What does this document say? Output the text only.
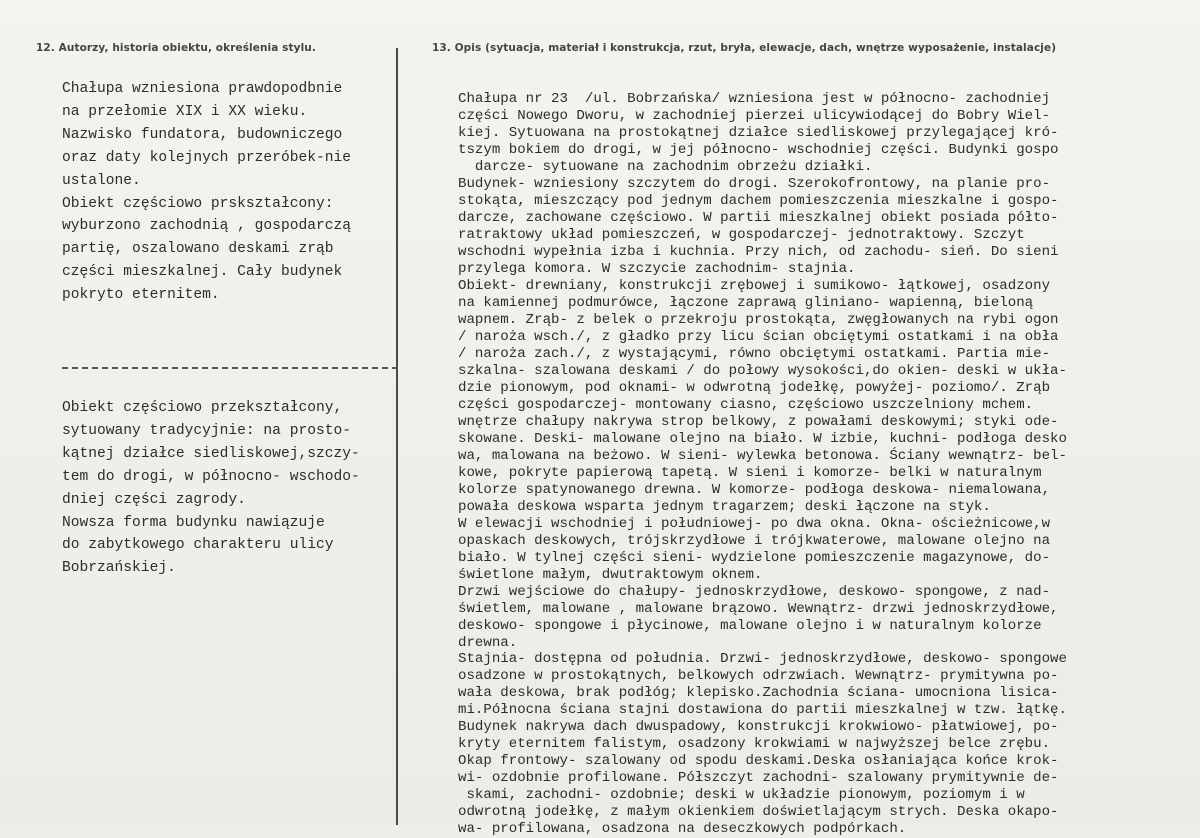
12. Autorzy, historia obiektu, określenia stylu.	13. Opis (sytuacja, materiał i konstrukcja, rzut, bryła, elewacje, dach, wnętrze wyposażenie, instalacje)
Chałupa wzniesiona prawdopodbnie
na przełomie XIX i XX wieku.
Nazwisko fundatora, budowniczego
oraz daty kolejnych przeróbek-nie
ustalone.
Obiekt częściowo prskształcony:
wyburzono zachodnią , gospodarczą
partię, oszalowano deskami zrąb
części mieszkalnej. Cały budynek
pokryto eternitem.
Obiekt częściowo przekształcony,
sytuowany tradycyjnie: na prosto-
kątnej działce siedliskowej,szczy-
tem do drogi, w północno- wschodo-
dniej części zagrody.
Nowsza forma budynku nawiązuje
do zabytkowego charakteru ulicy
Bobrzańskiej.
Chałupa nr 23  /ul. Bobrzańska/ wzniesiona jest w północno- zachodniej
części Nowego Dworu, w zachodniej pierzei ulicywiodącej do Bobry Wiel-
kiej. Sytuowana na prostokątnej działce siedliskowej przylegającej kró-
tszym bokiem do drogi, w jej północno- wschodniej części. Budynki gospo
darcze- sytuowane na zachodnim obrzeżu działki.
Budynek- wzniesiony szczytem do drogi. Szerokofrontowy, na planie pro-
stokąta, mieszczący pod jednym dachem pomieszczenia mieszkalne i gospo-
darcze, zachowane częściowo. W partii mieszkalnej obiekt posiada półto-
ratraktowy układ pomieszczeń, w gospodarczej- jednotraktowy. Szczyt
wschodni wypełnia izba i kuchnia. Przy nich, od zachodu- sień. Do sieni
przylega komora. W szczycie zachodnim- stajnia.
Obiekt- drewniany, konstrukcji zrębowej i sumikowo- łątkowej, osadzony
na kamiennej podmurówce, łączone zaprawą gliniano- wapienną, bieloną
wapnem. Zrąb- z belek o przekroju prostokąta, zwęgłowanych na rybi ogon
/ naroża wsch./, z gładko przy licu ścian obciętymi ostatkami i na obła
/ naroża zach./, z wystającymi, równo obciętymi ostatkami. Partia mie-
szkalna- szalowana deskami / do połowy wysokości,do okien- deski w ukła-
dzie pionowym, pod oknami- w odwrotną jodełkę, powyżej- poziomo/. Zrąb
części gospodarczej- montowany ciasno, częściowo uszczelniony mchem.
wnętrze chałupy nakrywa strop belkowy, z powałami deskowymi; styki ode-
skowane. Deski- malowane olejno na biało. W izbie, kuchni- podłoga desko
wa, malowana na beżowo. W sieni- wylewka betonowa. Ściany wewnątrz- bel-
kowe, pokryte papierową tapetą. W sieni i komorze- belki w naturalnym
kolorze spatynowanego drewna. W komorze- podłoga deskowa- niemalowana,
powała deskowa wsparta jednym tragarzem; deski łączone na styk.
W elewacji wschodniej i południowej- po dwa okna. Okna- ościeżnicowe,w
opaskach deskowych, trójskrzydłowe i trójkwaterowe, malowane olejno na
biało. W tylnej części sieni- wydzielone pomieszczenie magazynowe, do-
świetlone małym, dwutraktowym oknem.
Drzwi wejściowe do chałupy- jednoskrzydłowe, deskowo- spongowe, z nad-
świetlem, malowane , malowane brązowo. Wewnątrz- drzwi jednoskrzydłowe,
deskowo- spongowe i płycinowe, malowane olejno i w naturalnym kolorze
drewna.
Stajnia- dostępna od południa. Drzwi- jednoskrzydłowe, deskowo- spongowe
osadzone w prostokątnych, belkowych odrzwiach. Wewnątrz- prymitywna po-
wała deskowa, brak podłóg; klepisko.Zachodnia ściana- umocniona lisica-
mi.Północna ściana stajni dostawiona do partii mieszkalnej w tzw. łątkę.
Budynek nakrywa dach dwuspadowy, konstrukcji krokwiowo- płatwiowej, po-
kryty eternitem falistym, osadzony krokwiami w najwyższej belce zrębu.
Okap frontowy- szalowany od spodu deskami.Deska osłaniająca końce krok-
wi- ozdobnie profilowane. Półszczyt zachodni- szalowany prymitywnie de-
skami, zachodni- ozdobnie; deski w układzie pionowym, poziomym i w
odwrotną jodełkę, z małym okienkiem doświetlającym strych. Deska okapo-
wa- profilowana, osadzona na deseczkowych podpórkach.
